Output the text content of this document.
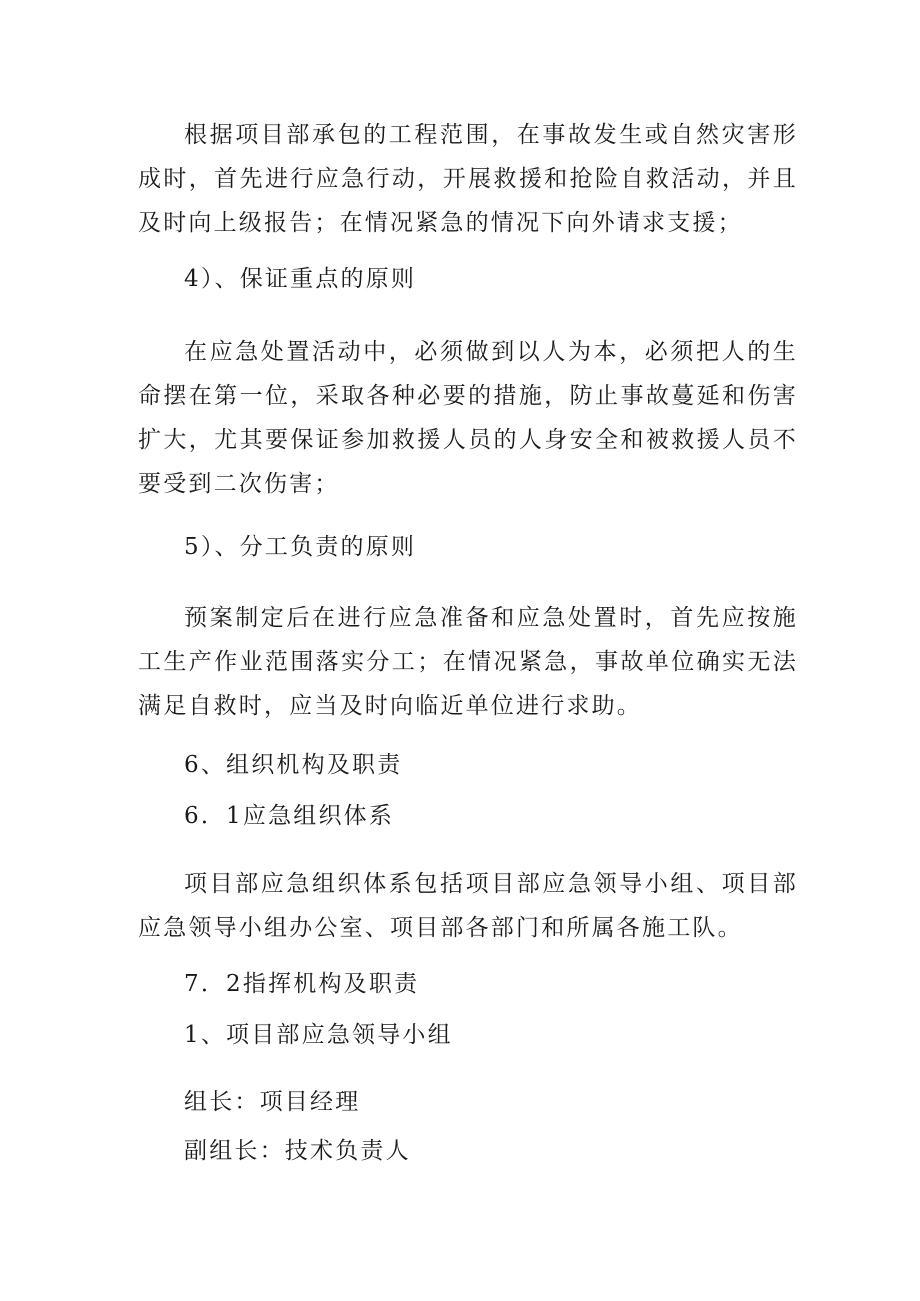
根据项目部承包的工程范围，在事故发生或自然灾害形成时，首先进行应急行动，开展救援和抢险自救活动，并且及时向上级报告；在情况紧急的情况下向外请求支援；
4）、保证重点的原则
在应急处置活动中，必须做到以人为本，必须把人的生命摆在第一位，采取各种必要的措施，防止事故蔓延和伤害扩大，尤其要保证参加救援人员的人身安全和被救援人员不要受到二次伤害；
5）、分工负责的原则
预案制定后在进行应急准备和应急处置时，首先应按施工生产作业范围落实分工；在情况紧急，事故单位确实无法满足自救时，应当及时向临近单位进行求助。
6、组织机构及职责
6．1应急组织体系
项目部应急组织体系包括项目部应急领导小组、项目部应急领导小组办公室、项目部各部门和所属各施工队。
7．2指挥机构及职责
1、项目部应急领导小组
组长：项目经理
副组长：技术负责人
